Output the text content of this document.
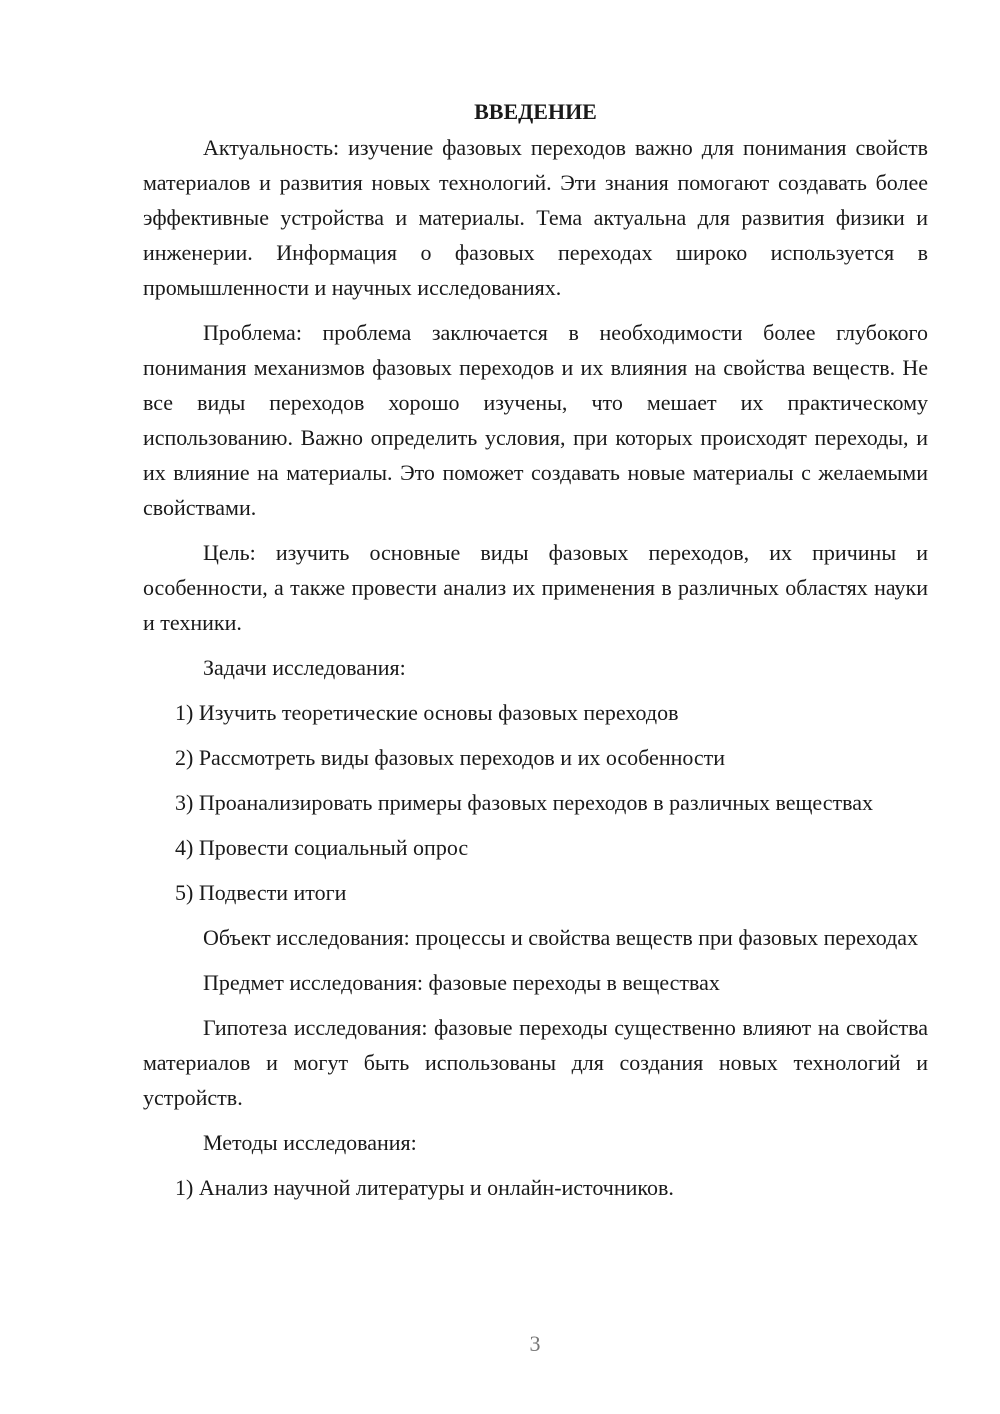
ВВЕДЕНИЕ

Актуальность: изучение фазовых переходов важно для понимания свойств материалов и развития новых технологий. Эти знания помогают создавать более эффективные устройства и материалы. Тема актуальна для развития физики и инженерии. Информация о фазовых переходах широко используется в промышленности и научных исследованиях.

Проблема: проблема заключается в необходимости более глубокого понимания механизмов фазовых переходов и их влияния на свойства веществ. Не все виды переходов хорошо изучены, что мешает их практическому использованию. Важно определить условия, при которых происходят переходы, и их влияние на материалы. Это поможет создавать новые материалы с желаемыми свойствами.

Цель: изучить основные виды фазовых переходов, их причины и особенности, а также провести анализ их применения в различных областях науки и техники.

Задачи исследования:

1) Изучить теоретические основы фазовых переходов

2) Рассмотреть виды фазовых переходов и их особенности

3) Проанализировать примеры фазовых переходов в различных веществах

4) Провести социальный опрос

5) Подвести итоги

Объект исследования: процессы и свойства веществ при фазовых переходах

Предмет исследования: фазовые переходы в веществах

Гипотеза исследования: фазовые переходы существенно влияют на свойства материалов и могут быть использованы для создания новых технологий и устройств.

Методы исследования:

1) Анализ научной литературы и онлайн-источников.

3
